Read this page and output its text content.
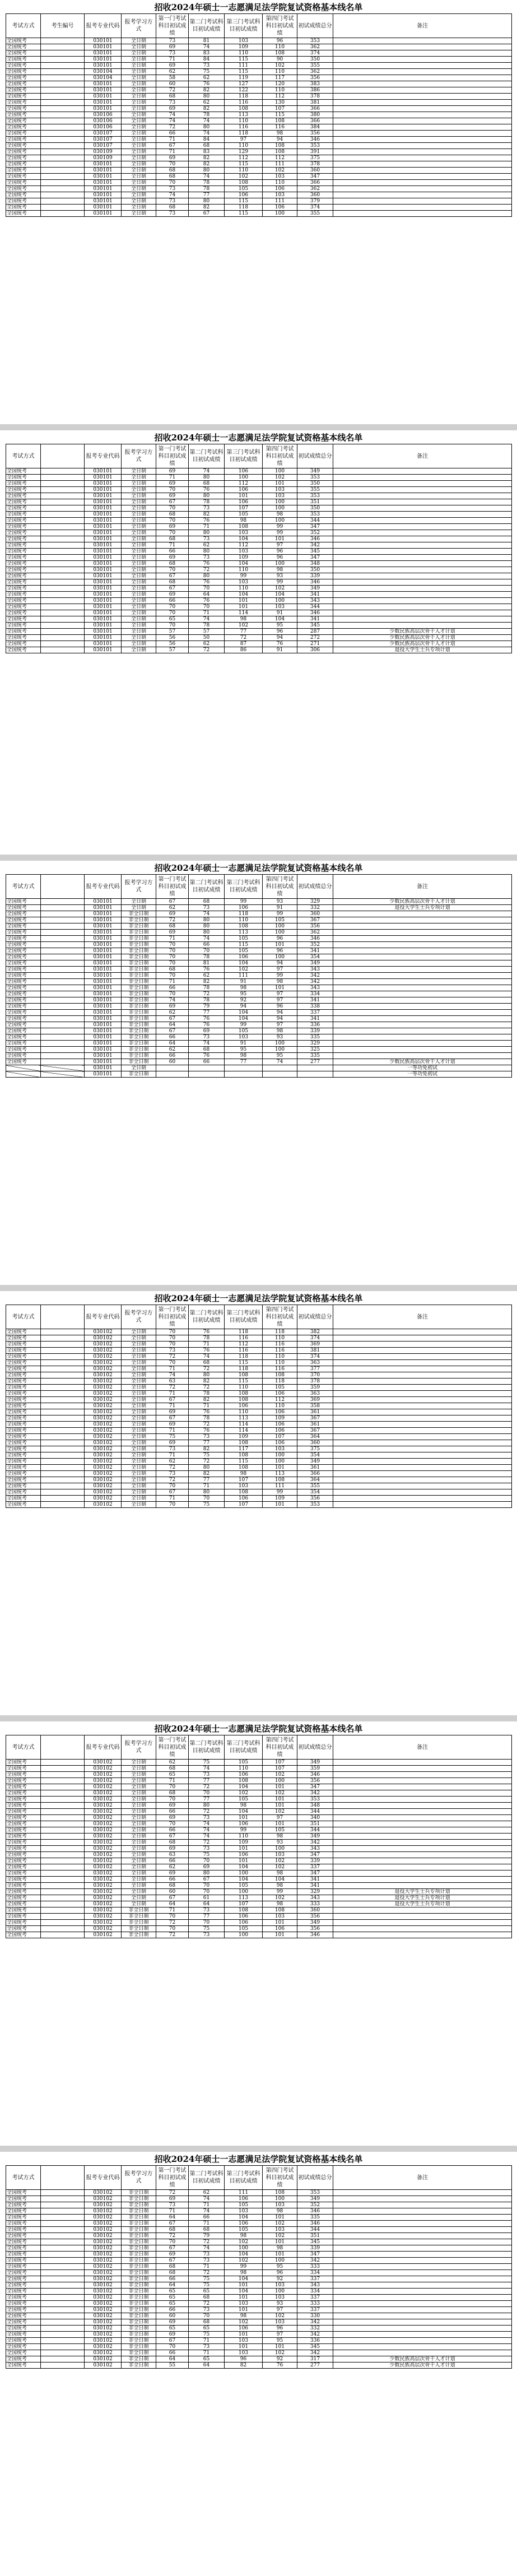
招收2024年硕士一志愿满足法学院复试资格基本线名单
考试方式	考生编号	报考专业代码	报考学习方式	第一门考试科目初试成绩	第二门考试科目初试成绩	第三门考试科目初试成绩	第四门考试科目初试成绩	初试成绩总分	备注
全国统考		030101	全日制	73	81	103	96	353	
全国统考		030101	全日制	69	74	109	110	362	
全国统考		030101	全日制	73	83	110	108	374	
全国统考		030101	全日制	71	84	115	90	350	
全国统考		030101	全日制	69	73	111	102	355	
全国统考		030104	全日制	62	75	115	110	362	
全国统考		030104	全日制	58	62	119	117	356	
全国统考		030101	全日制	60	76	127	120	383	
全国统考		030101	全日制	72	82	122	110	386	
全国统考		030101	全日制	68	80	118	112	378	
全国统考		030101	全日制	73	62	116	130	381	
全国统考		030101	全日制	69	82	108	107	366	
全国统考		030106	全日制	74	78	113	115	380	
全国统考		030106	全日制	74	74	110	108	366	
全国统考		030106	全日制	72	80	116	116	384	
全国统考		030107	全日制	66	74	118	98	356	
全国统考		030107	全日制	71	84	97	94	346	
全国统考		030107	全日制	67	68	110	108	353	
全国统考		030109	全日制	71	83	129	108	391	
全国统考		030109	全日制	69	82	112	112	375	
全国统考		030101	全日制	70	82	115	111	378	
全国统考		030101	全日制	68	80	110	102	360	
全国统考		030101	全日制	68	74	102	103	347	
全国统考		030101	全日制	70	78	108	110	366	
全国统考		030101	全日制	73	78	105	106	362	
全国统考		030101	全日制	74	77	106	103	360	
全国统考		030101	全日制	73	80	115	111	379	
全国统考		030101	全日制	68	82	118	106	374	
全国统考		030101	全日制	73	67	115	100	355	
招收2024年硕士一志愿满足法学院复试资格基本线名单
考试方式		报考专业代码	报考学习方式	第一门考试科目初试成绩	第二门考试科目初试成绩	第三门考试科目初试成绩	第四门考试科目初试成绩	初试成绩总分	备注
全国统考		030101	全日制	69	74	106	100	349	
全国统考		030101	全日制	71	80	100	102	353	
全国统考		030101	全日制	69	68	112	101	350	
全国统考		030101	全日制	70	76	106	103	355	
全国统考		030101	全日制	69	80	101	103	353	
全国统考		030101	全日制	67	78	106	100	351	
全国统考		030101	全日制	70	73	107	100	350	
全国统考		030101	全日制	68	82	105	98	353	
全国统考		030101	全日制	70	76	98	100	344	
全国统考		030101	全日制	69	71	108	99	347	
全国统考		030101	全日制	70	80	103	99	352	
全国统考		030101	全日制	68	73	104	101	346	
全国统考		030101	全日制	71	62	112	97	342	
全国统考		030101	全日制	66	80	103	96	345	
全国统考		030101	全日制	69	73	109	96	347	
全国统考		030101	全日制	68	76	104	100	348	
全国统考		030101	全日制	70	72	110	98	350	
全国统考		030101	全日制	67	80	99	93	339	
全国统考		030101	全日制	68	76	103	99	346	
全国统考		030101	全日制	67	70	110	102	349	
全国统考		030101	全日制	69	64	104	104	341	
全国统考		030101	全日制	66	76	101	100	343	
全国统考		030101	全日制	70	70	101	103	344	
全国统考		030101	全日制	70	71	114	91	346	
全国统考		030101	全日制	65	74	98	104	341	
全国统考		030101	全日制	70	78	102	95	345	
全国统考		030101	全日制	57	57	77	96	287	少数民族高层次骨干人才计划
全国统考		030101	全日制	56	50	72	94	272	少数民族高层次骨干人才计划
全国统考		030101	全日制	56	62	87	76	271	少数民族高层次骨干人才计划
全国统考		030101	全日制	57	72	86	91	306	退役大学生士兵专项计划
招收2024年硕士一志愿满足法学院复试资格基本线名单
考试方式		报考专业代码	报考学习方式	第一门考试科目初试成绩	第二门考试科目初试成绩	第三门考试科目初试成绩	第四门考试科目初试成绩	初试成绩总分	备注
全国统考		030101	全日制	67	68	99	93	329	少数民族高层次骨干人才计划
全国统考		030101	全日制	62	73	106	91	332	退役大学生士兵专项计划
全国统考		030101	非全日制	69	74	118	99	360	
全国统考		030101	非全日制	72	80	110	105	367	
全国统考		030101	非全日制	68	80	108	100	356	
全国统考		030101	非全日制	69	80	113	100	362	
全国统考		030101	非全日制	71	74	105	96	346	
全国统考		030101	非全日制	70	66	115	101	352	
全国统考		030101	非全日制	70	70	105	96	341	
全国统考		030101	非全日制	70	78	106	100	354	
全国统考		030101	非全日制	70	81	104	94	349	
全国统考		030101	非全日制	68	76	102	97	343	
全国统考		030101	非全日制	70	62	111	99	342	
全国统考		030101	非全日制	71	82	91	98	342	
全国统考		030101	非全日制	66	78	98	101	343	
全国统考		030101	非全日制	70	72	95	97	334	
全国统考		030101	非全日制	74	78	92	97	341	
全国统考		030101	非全日制	69	79	94	96	338	
全国统考		030101	非全日制	62	77	104	94	337	
全国统考		030101	非全日制	67	76	104	94	341	
全国统考		030101	非全日制	64	76	99	97	336	
全国统考		030101	非全日制	67	69	105	98	339	
全国统考		030101	非全日制	66	73	103	93	335	
全国统考		030101	非全日制	64	74	91	100	329	
全国统考		030101	非全日制	62	68	95	100	325	
全国统考		030101	非全日制	66	76	98	95	335	
全国统考		030101	非全日制	60	66	77	74	277	少数民族高层次骨干人才计划
		030101	全日制						一等功免初试
		030101	非全日制						一等功免初试
招收2024年硕士一志愿满足法学院复试资格基本线名单
考试方式		报考专业代码	报考学习方式	第一门考试科目初试成绩	第二门考试科目初试成绩	第三门考试科目初试成绩	第四门考试科目初试成绩	初试成绩总分	备注
全国统考		030102	全日制	70	76	118	118	382	
全国统考		030102	全日制	70	78	116	110	374	
全国统考		030102	全日制	70	71	112	116	369	
全国统考		030102	全日制	73	76	116	116	381	
全国统考		030102	全日制	72	74	118	110	374	
全国统考		030102	全日制	70	68	115	110	363	
全国统考		030102	全日制	71	72	118	116	377	
全国统考		030102	全日制	74	80	108	108	370	
全国统考		030102	全日制	63	82	115	118	378	
全国统考		030102	全日制	72	72	110	105	359	
全国统考		030102	全日制	71	78	108	106	363	
全国统考		030102	全日制	67	82	108	112	369	
全国统考		030102	全日制	71	71	106	110	358	
全国统考		030102	全日制	69	76	110	106	361	
全国统考		030102	全日制	67	78	113	109	367	
全国统考		030102	全日制	69	72	114	106	361	
全国统考		030102	全日制	71	76	114	106	367	
全国统考		030102	全日制	75	73	109	107	364	
全国统考		030102	全日制	69	77	108	106	360	
全国统考		030102	全日制	73	82	117	103	375	
全国统考		030102	全日制	71	75	108	100	354	
全国统考		030102	全日制	62	72	115	100	349	
全国统考		030102	全日制	72	80	108	101	361	
全国统考		030102	全日制	73	82	98	113	366	
全国统考		030102	全日制	72	77	107	108	364	
全国统考		030102	全日制	70	71	103	111	355	
全国统考		030102	全日制	67	80	108	99	354	
全国统考		030102	全日制	71	70	106	109	356	
全国统考		030102	全日制	70	75	107	101	353	
招收2024年硕士一志愿满足法学院复试资格基本线名单
考试方式		报考专业代码	报考学习方式	第一门考试科目初试成绩	第二门考试科目初试成绩	第三门考试科目初试成绩	第四门考试科目初试成绩	初试成绩总分	备注
全国统考		030102	全日制	62	75	105	107	349	
全国统考		030102	全日制	68	74	110	107	359	
全国统考		030102	全日制	65	73	106	102	346	
全国统考		030102	全日制	71	77	108	100	356	
全国统考		030102	全日制	70	72	104	101	347	
全国统考		030102	全日制	68	70	102	102	342	
全国统考		030102	全日制	70	77	105	101	353	
全国统考		030102	全日制	69	80	98	101	348	
全国统考		030102	全日制	66	72	104	102	344	
全国统考		030102	全日制	69	73	101	97	340	
全国统考		030102	全日制	70	74	106	101	351	
全国统考		030102	全日制	66	74	99	105	344	
全国统考		030102	全日制	67	74	110	98	349	
全国统考		030102	全日制	68	72	109	93	342	
全国统考		030102	全日制	69	73	101	100	343	
全国统考		030102	全日制	63	75	106	103	347	
全国统考		030102	全日制	66	70	101	102	339	
全国统考		030102	全日制	62	69	104	102	337	
全国统考		030102	全日制	69	80	100	98	347	
全国统考		030102	全日制	66	67	104	104	341	
全国统考		030102	全日制	68	70	105	98	341	
全国统考		030102	全日制	60	70	100	99	329	退役大学生士兵专项计划
全国统考		030102	全日制	67	61	113	102	343	退役大学生士兵专项计划
全国统考		030102	全日制	64	64	107	98	333	退役大学生士兵专项计划
全国统考		030102	非全日制	71	73	108	108	360	
全国统考		030102	非全日制	70	77	106	103	356	
全国统考		030102	非全日制	72	70	106	101	349	
全国统考		030102	非全日制	70	75	105	106	356	
全国统考		030102	非全日制	72	73	100	101	346	
招收2024年硕士一志愿满足法学院复试资格基本线名单
考试方式		报考专业代码	报考学习方式	第一门考试科目初试成绩	第二门考试科目初试成绩	第三门考试科目初试成绩	第四门考试科目初试成绩	初试成绩总分	备注
全国统考		030102	非全日制	72	62	111	108	353	
全国统考		030102	非全日制	69	74	106	100	349	
全国统考		030102	非全日制	73	71	105	103	352	
全国统考		030102	非全日制	71	74	103	98	346	
全国统考		030102	非全日制	64	66	104	101	335	
全国统考		030102	非全日制	67	71	106	102	346	
全国统考		030102	非全日制	68	68	105	103	344	
全国统考		030102	非全日制	72	79	98	102	351	
全国统考		030102	非全日制	70	72	102	101	345	
全国统考		030102	非全日制	67	74	100	98	339	
全国统考		030102	非全日制	69	73	104	101	347	
全国统考		030102	非全日制	67	73	102	100	342	
全国统考		030102	非全日制	68	71	99	95	333	
全国统考		030102	非全日制	68	72	98	96	334	
全国统考		030102	非全日制	66	75	104	92	337	
全国统考		030102	非全日制	64	75	101	103	343	
全国统考		030102	非全日制	65	65	104	100	334	
全国统考		030102	非全日制	65	68	101	103	337	
全国统考		030102	非全日制	65	72	103	93	333	
全国统考		030102	非全日制	66	73	101	97	337	
全国统考		030102	非全日制	60	70	98	102	330	
全国统考		030102	非全日制	69	68	102	103	342	
全国统考		030102	非全日制	65	65	106	96	332	
全国统考		030102	非全日制	69	75	101	97	342	
全国统考		030102	非全日制	67	71	103	95	336	
全国统考		030102	非全日制	70	73	101	101	345	
全国统考		030102	非全日制	66	71	103	102	342	
全国统考		030102	非全日制	64	65	96	92	317	少数民族高层次骨干人才计划
全国统考		030102	非全日制	55	64	82	76	277	少数民族高层次骨干人才计划
